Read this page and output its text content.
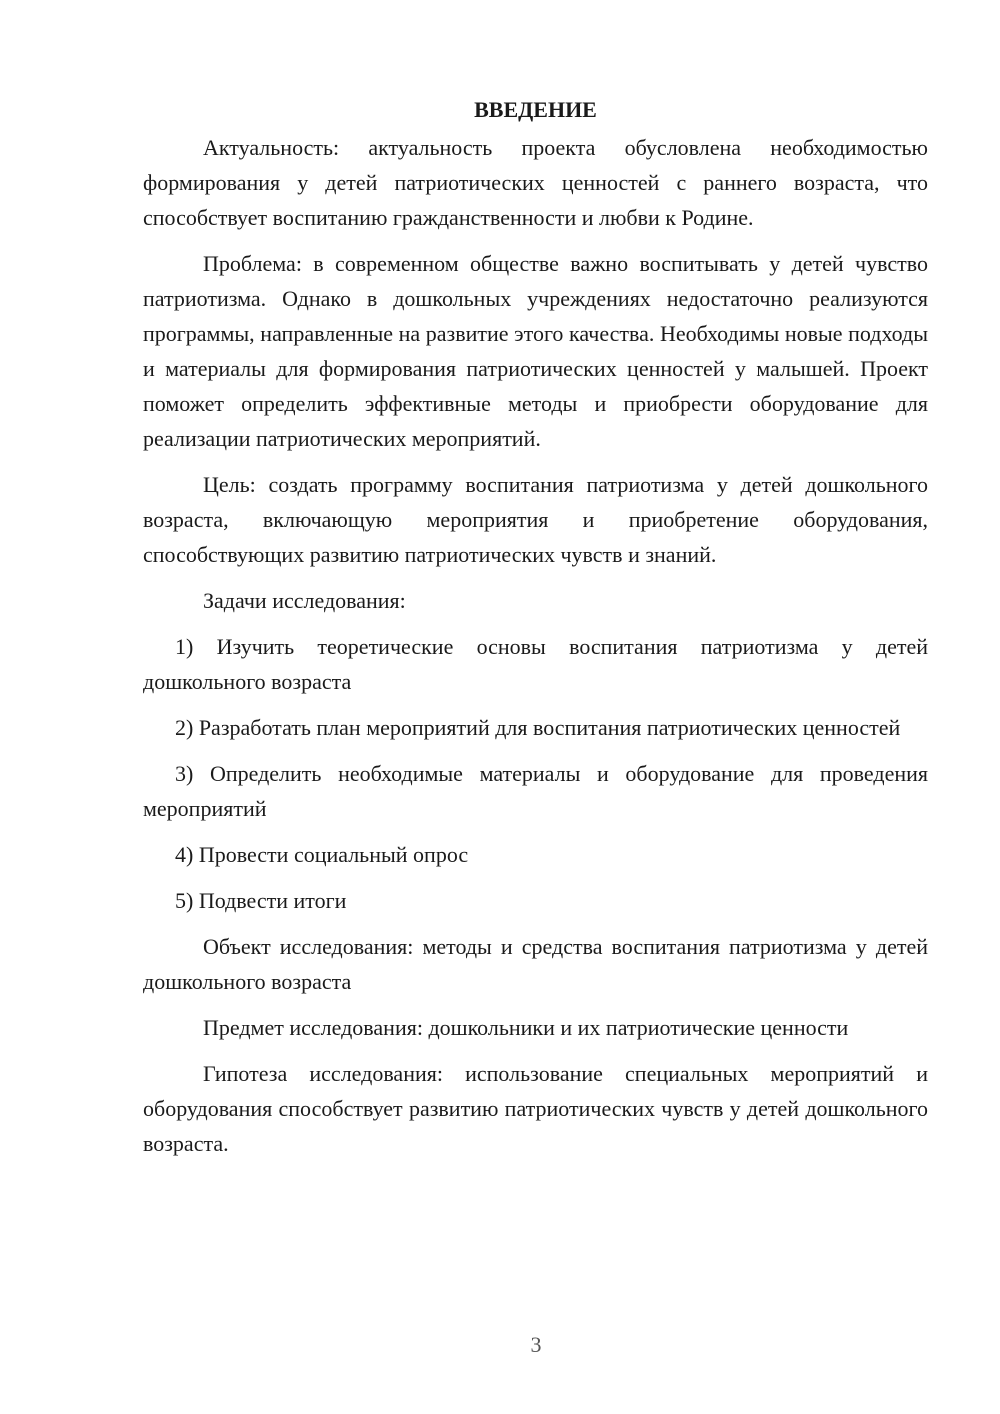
ВВЕДЕНИЕ

Актуальность: актуальность проекта обусловлена необходимостью формирования у детей патриотических ценностей с раннего возраста, что способствует воспитанию гражданственности и любви к Родине.

Проблема: в современном обществе важно воспитывать у детей чувство патриотизма. Однако в дошкольных учреждениях недостаточно реализуются программы, направленные на развитие этого качества. Необходимы новые подходы и материалы для формирования патриотических ценностей у малышей. Проект поможет определить эффективные методы и приобрести оборудование для реализации патриотических мероприятий.

Цель: создать программу воспитания патриотизма у детей дошкольного возраста, включающую мероприятия и приобретение оборудования, способствующих развитию патриотических чувств и знаний.

Задачи исследования:

1) Изучить теоретические основы воспитания патриотизма у детей дошкольного возраста

2) Разработать план мероприятий для воспитания патриотических ценностей

3) Определить необходимые материалы и оборудование для проведения мероприятий

4) Провести социальный опрос

5) Подвести итоги

Объект исследования: методы и средства воспитания патриотизма у детей дошкольного возраста

Предмет исследования: дошкольники и их патриотические ценности

Гипотеза исследования: использование специальных мероприятий и оборудования способствует развитию патриотических чувств у детей дошкольного возраста.

3
